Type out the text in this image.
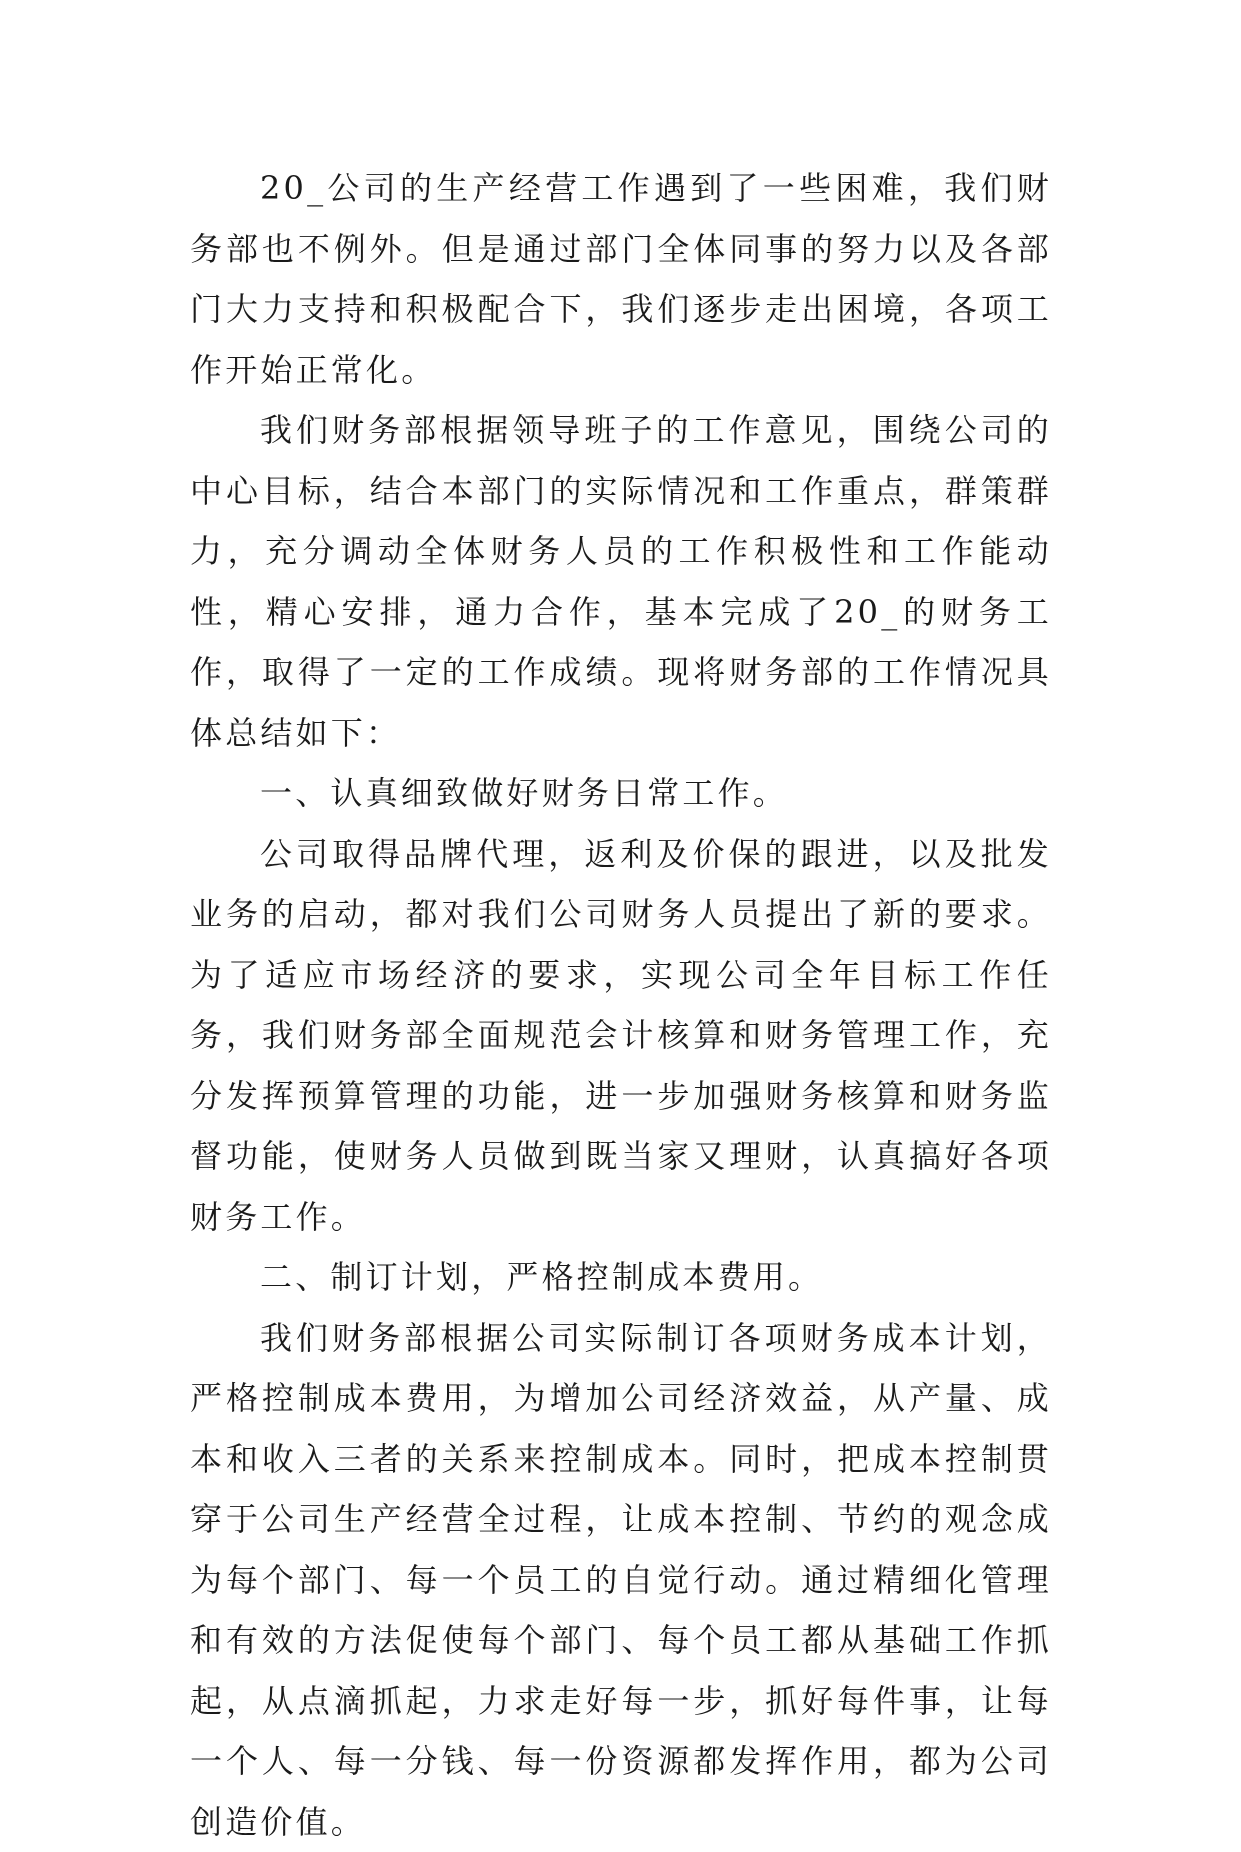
20_公司的生产经营工作遇到了一些困难，我们财务部也不例外。但是通过部门全体同事的努力以及各部门大力支持和积极配合下，我们逐步走出困境，各项工作开始正常化。

我们财务部根据领导班子的工作意见，围绕公司的中心目标，结合本部门的实际情况和工作重点，群策群力，充分调动全体财务人员的工作积极性和工作能动性，精心安排，通力合作，基本完成了20_的财务工作，取得了一定的工作成绩。现将财务部的工作情况具体总结如下：

一、认真细致做好财务日常工作。

公司取得品牌代理，返利及价保的跟进，以及批发业务的启动，都对我们公司财务人员提出了新的要求。为了适应市场经济的要求，实现公司全年目标工作任务，我们财务部全面规范会计核算和财务管理工作，充分发挥预算管理的功能，进一步加强财务核算和财务监督功能，使财务人员做到既当家又理财，认真搞好各项财务工作。

二、制订计划，严格控制成本费用。

我们财务部根据公司实际制订各项财务成本计划，严格控制成本费用，为增加公司经济效益，从产量、成本和收入三者的关系来控制成本。同时，把成本控制贯穿于公司生产经营全过程，让成本控制、节约的观念成为每个部门、每一个员工的自觉行动。通过精细化管理和有效的方法促使每个部门、每个员工都从基础工作抓起，从点滴抓起，力求走好每一步，抓好每件事，让每一个人、每一分钱、每一份资源都发挥作用，都为公司创造价值。
